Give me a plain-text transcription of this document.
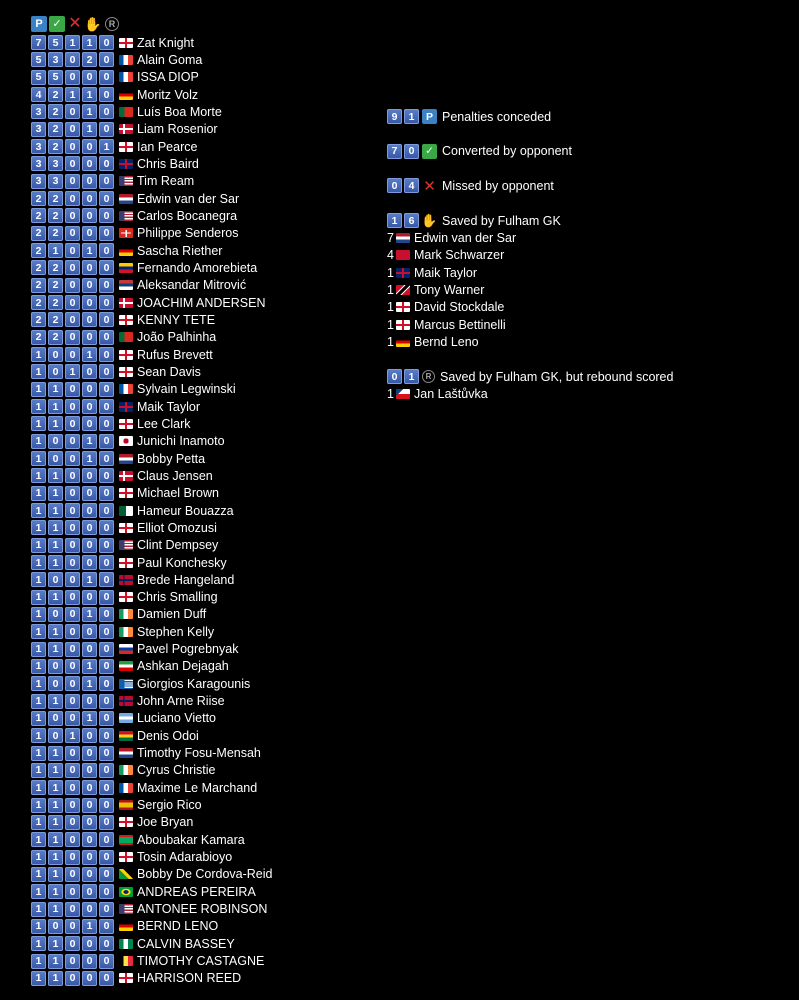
P ✓ ✕ ✋ R
7	5	1	1	0	Zat Knight
5	3	0	2	0	Alain Goma
5	5	0	0	0	ISSA DIOP
4	2	1	1	0	Moritz Volz
3	2	0	1	0	Luís Boa Morte
3	2	0	1	0	Liam Rosenior
3	2	0	0	1	Ian Pearce
3	3	0	0	0	Chris Baird
3	3	0	0	0	Tim Ream
2	2	0	0	0	Edwin van der Sar
2	2	0	0	0	Carlos Bocanegra
2	2	0	0	0	Philippe Senderos
2	1	0	1	0	Sascha Riether
2	2	0	0	0	Fernando Amorebieta
2	2	0	0	0	Aleksandar Mitrović
2	2	0	0	0	JOACHIM ANDERSEN
2	2	0	0	0	KENNY TETE
2	2	0	0	0	João Palhinha
1	0	0	1	0	Rufus Brevett
1	0	1	0	0	Sean Davis
1	1	0	0	0	Sylvain Legwinski
1	1	0	0	0	Maik Taylor
1	1	0	0	0	Lee Clark
1	0	0	1	0	Junichi Inamoto
1	0	0	1	0	Bobby Petta
1	1	0	0	0	Claus Jensen
1	1	0	0	0	Michael Brown
1	1	0	0	0	Hameur Bouazza
1	1	0	0	0	Elliot Omozusi
1	1	0	0	0	Clint Dempsey
1	1	0	0	0	Paul Konchesky
1	0	0	1	0	Brede Hangeland
1	1	0	0	0	Chris Smalling
1	0	0	1	0	Damien Duff
1	1	0	0	0	Stephen Kelly
1	1	0	0	0	Pavel Pogrebnyak
1	0	0	1	0	Ashkan Dejagah
1	0	0	1	0	Giorgios Karagounis
1	1	0	0	0	John Arne Riise
1	0	0	1	0	Luciano Vietto
1	0	1	0	0	Denis Odoi
1	1	0	0	0	Timothy Fosu-Mensah
1	1	0	0	0	Cyrus Christie
1	1	0	0	0	Maxime Le Marchand
1	1	0	0	0	Sergio Rico
1	1	0	0	0	Joe Bryan
1	1	0	0	0	Aboubakar Kamara
1	1	0	0	0	Tosin Adarabioyo
1	1	0	0	0	Bobby De Cordova-Reid
1	1	0	0	0	ANDREAS PEREIRA
1	1	0	0	0	ANTONEE ROBINSON
1	0	0	1	0	BERND LENO
1	1	0	0	0	CALVIN BASSEY
1	1	0	0	0	TIMOTHY CASTAGNE
1	1	0	0	0	HARRISON REED
9	1	P Penalties conceded
7	0	✓ Converted by opponent
0	4 ✕ Missed by opponent
1	6 ✋ Saved by Fulham GK
7 Edwin van der Sar
4 Mark Schwarzer
1 Maik Taylor
1 Tony Warner
1 David Stockdale
1 Marcus Bettinelli
1 Bernd Leno
0	1	R Saved by Fulham GK, but rebound scored
1 Jan Laštůvka
